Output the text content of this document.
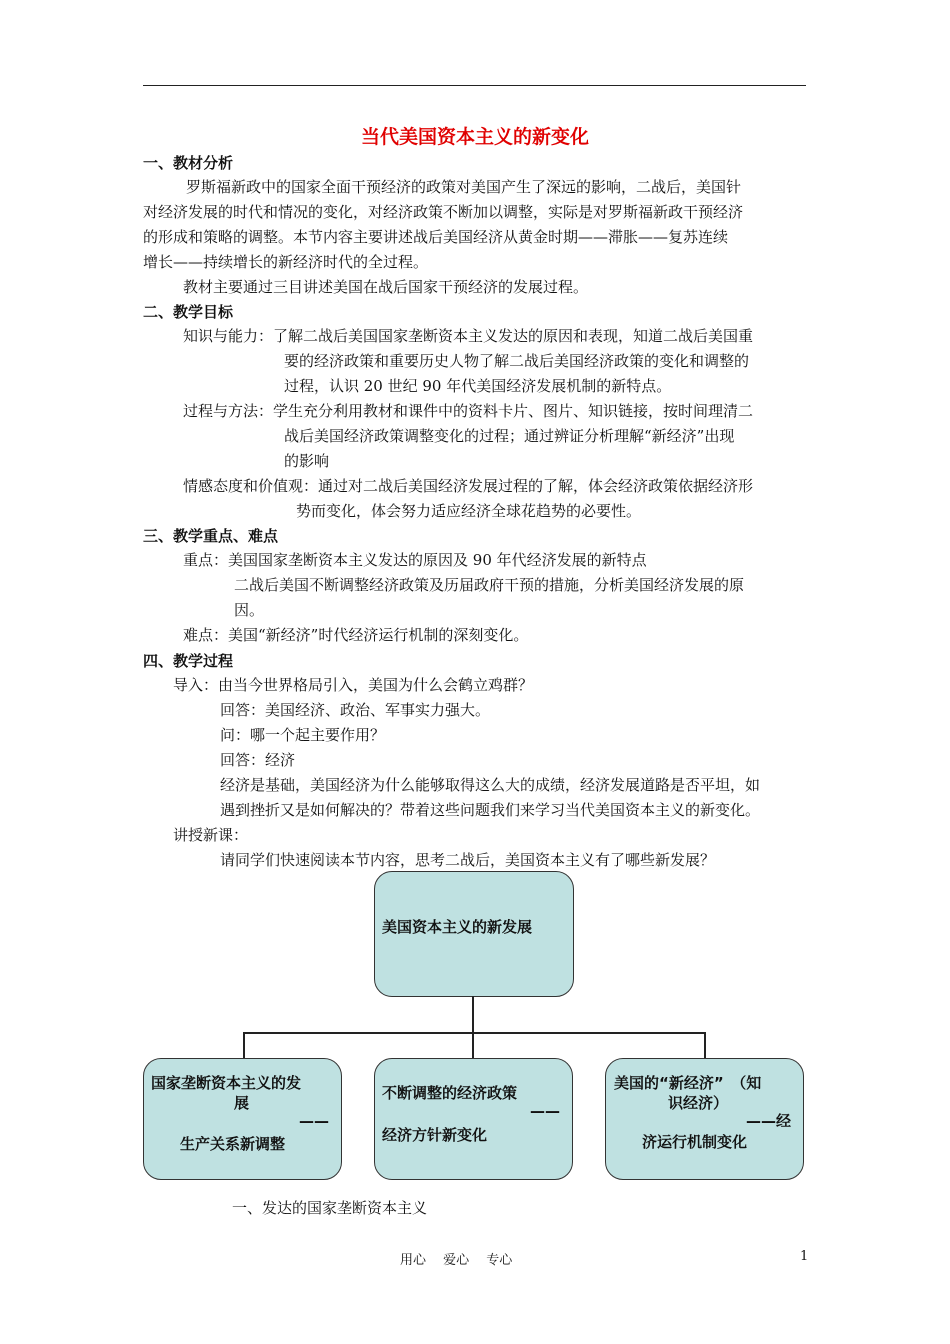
当代美国资本主义的新变化
一、教材分析
罗斯福新政中的国家全面干预经济的政策对美国产生了深远的影响，二战后，美国针
对经济发展的时代和情况的变化，对经济政策不断加以调整，实际是对罗斯福新政干预经济
的形成和策略的调整。本节内容主要讲述战后美国经济从黄金时期——滞胀——复苏连续
增长——持续增长的新经济时代的全过程。
教材主要通过三目讲述美国在战后国家干预经济的发展过程。
二、教学目标
知识与能力：了解二战后美国国家垄断资本主义发达的原因和表现，知道二战后美国重
要的经济政策和重要历史人物了解二战后美国经济政策的变化和调整的
过程，认识 20 世纪 90 年代美国经济发展机制的新特点。
过程与方法：学生充分利用教材和课件中的资料卡片、图片、知识链接，按时间理清二
战后美国经济政策调整变化的过程；通过辨证分析理解“新经济”出现
的影响
情感态度和价值观：通过对二战后美国经济发展过程的了解，体会经济政策依据经济形
势而变化，体会努力适应经济全球花趋势的必要性。
三、教学重点、难点
重点：美国国家垄断资本主义发达的原因及 90 年代经济发展的新特点
二战后美国不断调整经济政策及历届政府干预的措施，分析美国经济发展的原
因。
难点：美国“新经济”时代经济运行机制的深刻变化。
四、教学过程
导入：由当今世界格局引入，美国为什么会鹤立鸡群？
回答：美国经济、政治、军事实力强大。
问：哪一个起主要作用？
回答：经济
经济是基础，美国经济为什么能够取得这么大的成绩，经济发展道路是否平坦，如
遇到挫折又是如何解决的？带着这些问题我们来学习当代美国资本主义的新变化。
讲授新课：
请同学们快速阅读本节内容，思考二战后，美国资本主义有了哪些新发展？
美国资本主义的新发展
国家垄断资本主义的发
展
——
生产关系新调整
不断调整的经济政策
——
经济方针新变化
美国的“新经济”　（知
识经济）
——经
济运行机制变化
一、发达的国家垄断资本主义
用心　 爱心　 专心	1
